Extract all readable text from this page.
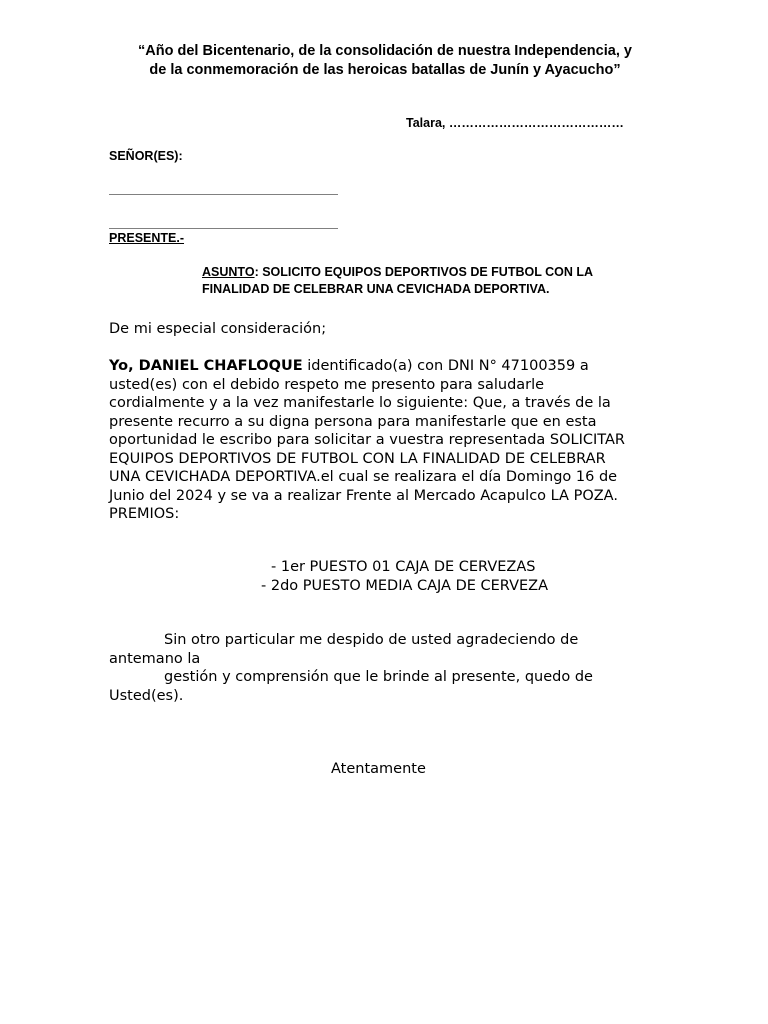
“Año del Bicentenario, de la consolidación de nuestra Independencia, y
de la conmemoración de las heroicas batallas de Junín y Ayacucho”
Talara, ……………………………………
SEÑOR(ES):
PRESENTE.-
ASUNTO: SOLICITO EQUIPOS DEPORTIVOS DE FUTBOL CON LA
FINALIDAD DE CELEBRAR UNA CEVICHADA DEPORTIVA.
De mi especial consideración;
Yo, DANIEL CHAFLOQUE identificado(a) con DNI N° 47100359 a
usted(es) con el debido respeto me presento para saludarle
cordialmente y a la vez manifestarle lo siguiente: Que, a través de la
presente recurro a su digna persona para manifestarle que en esta
oportunidad le escribo para solicitar a vuestra representada SOLICITAR
EQUIPOS DEPORTIVOS DE FUTBOL CON LA FINALIDAD DE CELEBRAR
UNA CEVICHADA DEPORTIVA.el cual se realizara el día Domingo 16 de
Junio del 2024 y se va a realizar Frente al Mercado Acapulco LA POZA.
PREMIOS:
- 1er PUESTO 01 CAJA DE CERVEZAS
- 2do PUESTO MEDIA CAJA DE CERVEZA
Sin otro particular me despido de usted agradeciendo de
antemano la
gestión y comprensión que le brinde al presente, quedo de
Usted(es).
Atentamente
